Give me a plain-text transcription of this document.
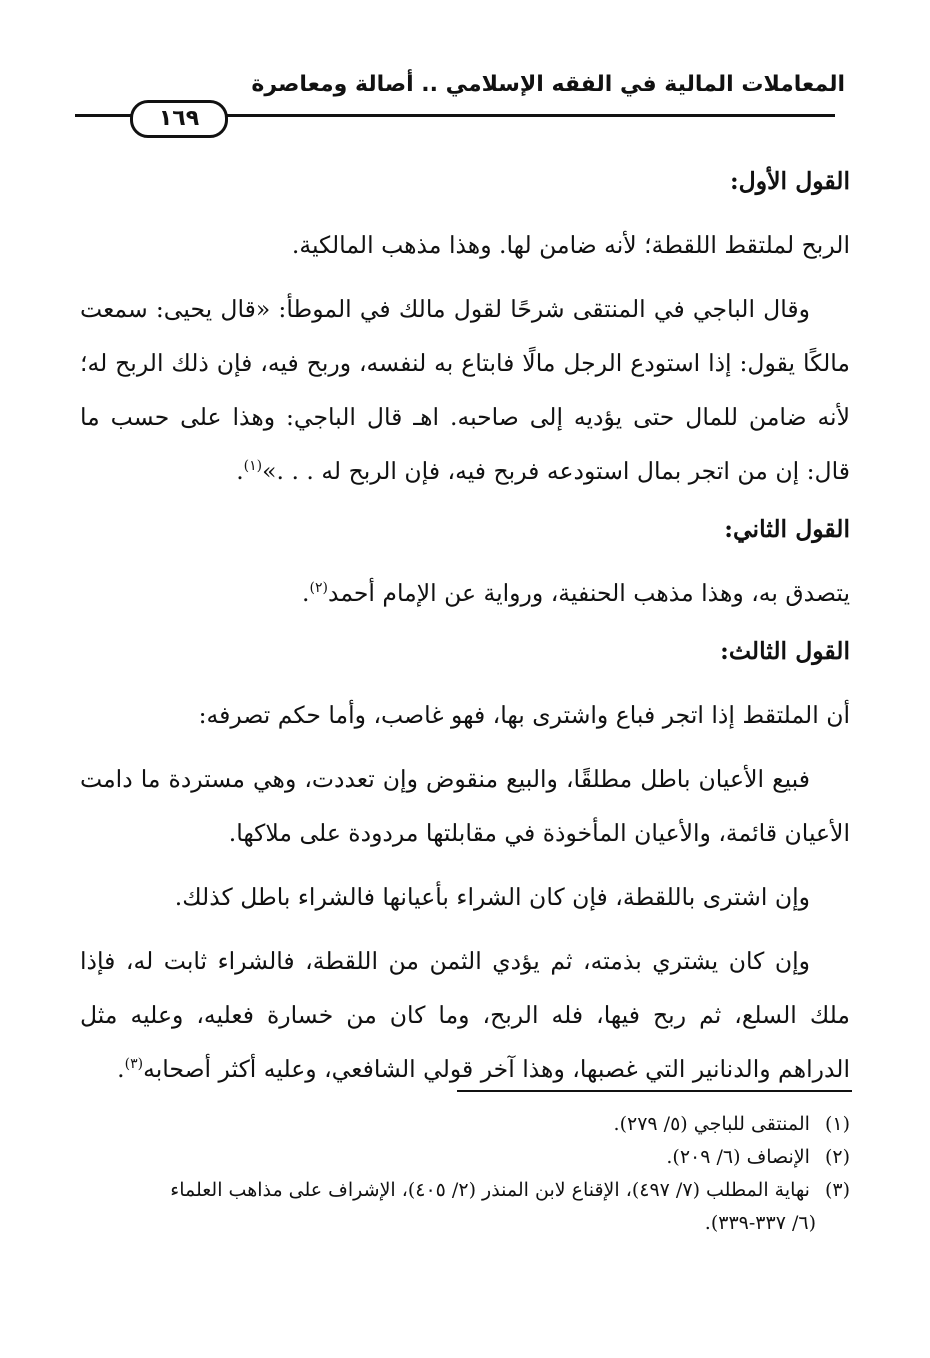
المعاملات المالية في الفقه الإسلامي .. أصالة ومعاصرة
١٦٩

القول الأول:

الربح لملتقط اللقطة؛ لأنه ضامن لها. وهذا مذهب المالكية.

وقال الباجي في المنتقى شرحًا لقول مالك في الموطأ: «قال يحيى: سمعت مالكًا يقول: إذا استودع الرجل مالًا فابتاع به لنفسه، وربح فيه، فإن ذلك الربح له؛ لأنه ضامن للمال حتى يؤديه إلى صاحبه. اهـ قال الباجي: وهذا على حسب ما قال: إن من اتجر بمال استودعه فربح فيه، فإن الربح له . . .»$^{(١)}$.

القول الثاني:

يتصدق به، وهذا مذهب الحنفية، ورواية عن الإمام أحمد$^{(٢)}$.

القول الثالث:

أن الملتقط إذا اتجر فباع واشترى بها، فهو غاصب، وأما حكم تصرفه:

فبيع الأعيان باطل مطلقًا، والبيع منقوض وإن تعددت، وهي مستردة ما دامت الأعيان قائمة، والأعيان المأخوذة في مقابلتها مردودة على ملاكها.

وإن اشترى باللقطة، فإن كان الشراء بأعيانها فالشراء باطل كذلك.

وإن كان يشتري بذمته، ثم يؤدي الثمن من اللقطة، فالشراء ثابت له، فإذا ملك السلع، ثم ربح فيها، فله الربح، وما كان من خسارة فعليه، وعليه مثل الدراهم والدنانير التي غصبها، وهذا آخر قولي الشافعي، وعليه أكثر أصحابه$^{(٣)}$.

(١) المنتقى للباجي (٥/ ٢٧٩).

(٢) الإنصاف (٦/ ٢٠٩).

(٣) نهاية المطلب (٧/ ٤٩٧)، الإقناع لابن المنذر (٢/ ٤٠٥)، الإشراف على مذاهب العلماء

(٦/ ٣٣٧-٣٣٩).
